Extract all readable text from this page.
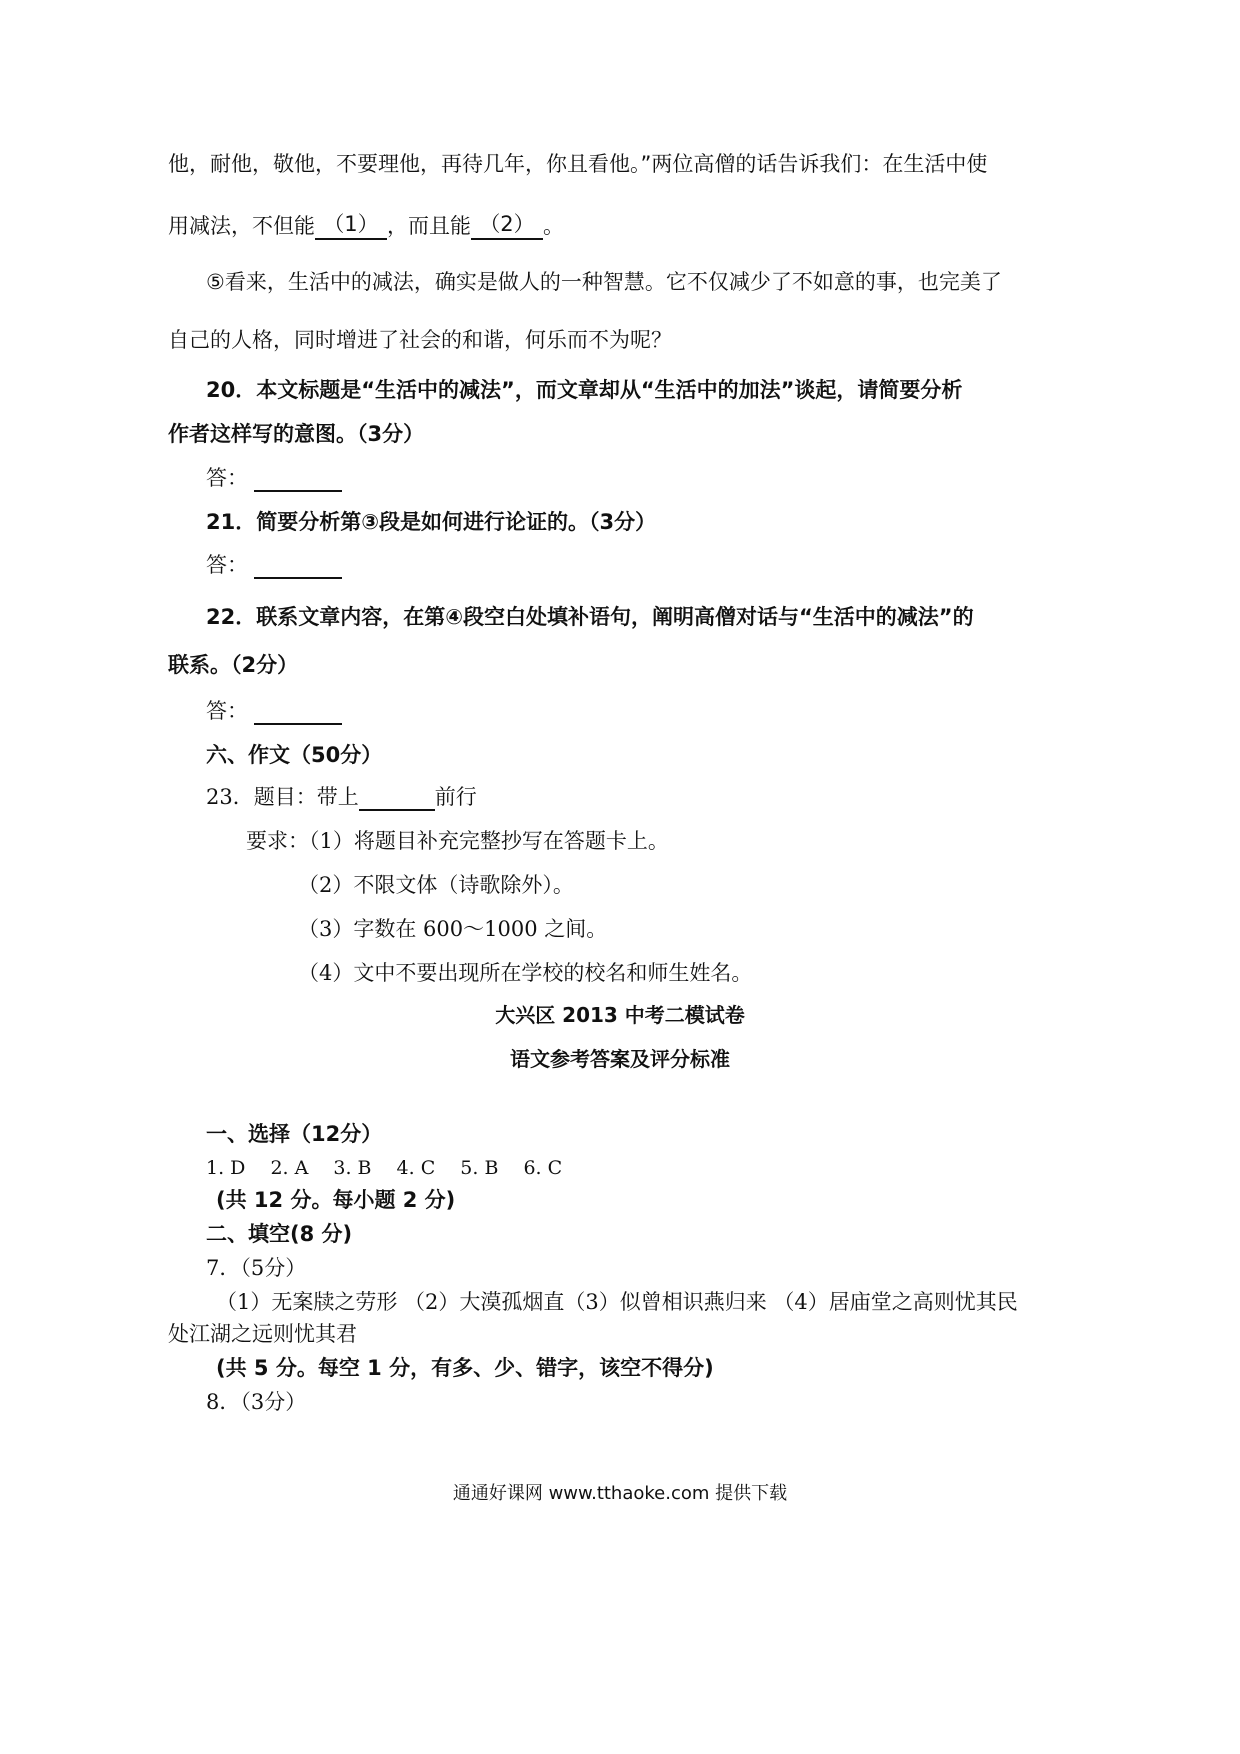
他，耐他，敬他，不要理他，再待几年，你且看他。”两位高僧的话告诉我们：在生活中使
用减法，不但能 （1） ，而且能 （2） 。
⑤看来，生活中的减法，确实是做人的一种智慧。它不仅减少了不如意的事，也完美了
自己的人格，同时增进了社会的和谐，何乐而不为呢？
20．本文标题是“生活中的减法”，而文章却从“生活中的加法”谈起，请简要分析
作者这样写的意图。（3分）
答：
21．简要分析第③段是如何进行论证的。（3分）
答：
22．联系文章内容，在第④段空白处填补语句，阐明高僧对话与“生活中的减法”的
联系。（2分）
答：
六、作文（50分）
23．题目：带上	前行
要求：（1）将题目补充完整抄写在答题卡上。
（2）不限文体（诗歌除外）。
（3）字数在 600～1000 之间。
（4）文中不要出现所在学校的校名和师生姓名。
大兴区 2013 中考二模试卷
语文参考答案及评分标准
一、选择（12分）
1. D　 2. A　 3. B　 4. C　 5. B　 6. C
(共 12 分。每小题 2 分)
二、填空(8 分)
7．（5分）
（1）无案牍之劳形 （2）大漠孤烟直（3）似曾相识燕归来 （4）居庙堂之高则忧其民
处江湖之远则忧其君
(共 5 分。每空 1 分，有多、少、错字，该空不得分)
8．（3分）
通通好课网 www.tthaoke.com 提供下载
